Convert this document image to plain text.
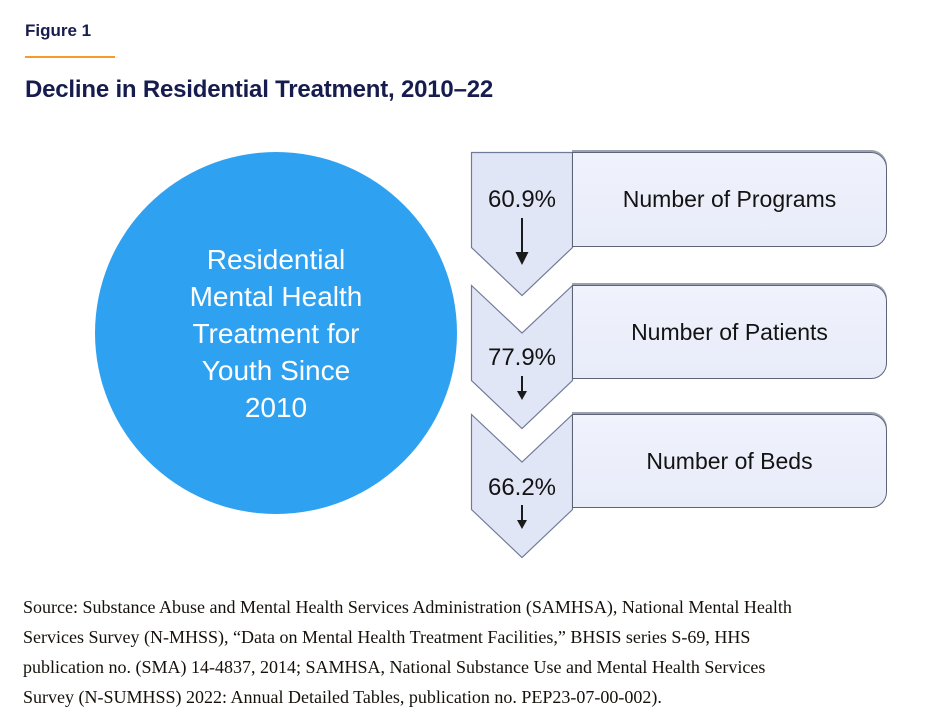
Figure 1
Decline in Residential Treatment, 2010–22
Residential Mental Health Treatment for Youth Since 2010
60.9%	Number of Programs
77.9%
Number of Patients
66.2%
Number of Beds
Source: Substance Abuse and Mental Health Services Administration (SAMHSA), National Mental Health Services Survey (N-MHSS), “Data on Mental Health Treatment Facilities,” BHSIS series S-69, HHS publication no. (SMA) 14-4837, 2014; SAMHSA, National Substance Use and Mental Health Services Survey (N-SUMHSS) 2022: Annual Detailed Tables, publication no. PEP23-07-00-002).
